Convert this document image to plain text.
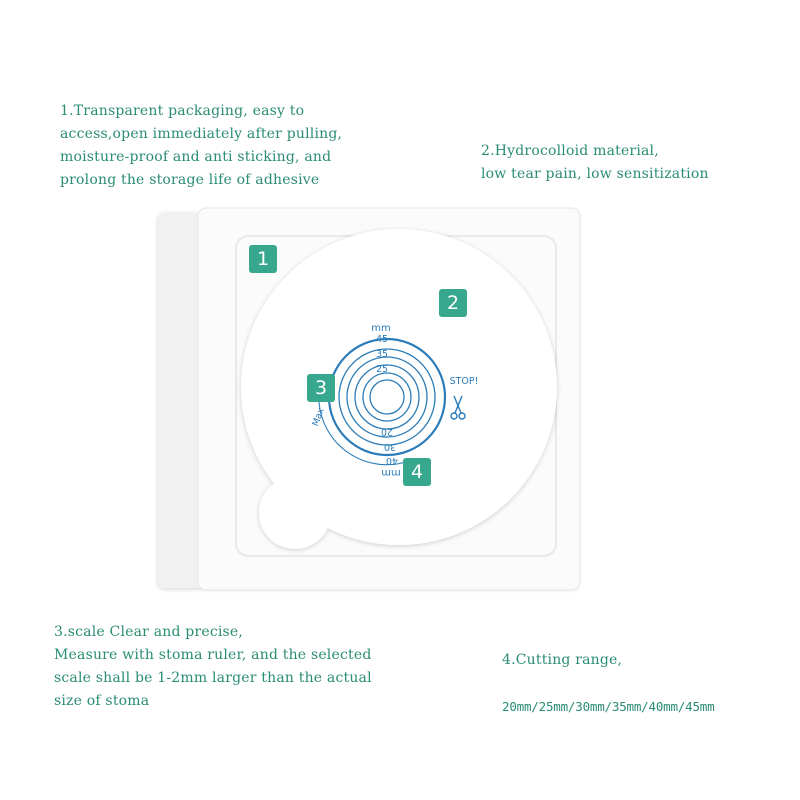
1.Transparent packaging, easy to
access,open immediately after pulling,
moisture-proof and anti sticking, and
prolong the storage life of adhesive
2.Hydrocolloid material,
low tear pain, low sensitization
3.scale Clear and precise,
Measure with stoma ruler, and the selected
scale shall be 1-2mm larger than the actual
size of stoma

4.Cutting range,

20mm/25mm/30mm/35mm/40mm/45mm

mm
45
35
25
20
30
40
mm
Max
STOP!
1
2
3
4
